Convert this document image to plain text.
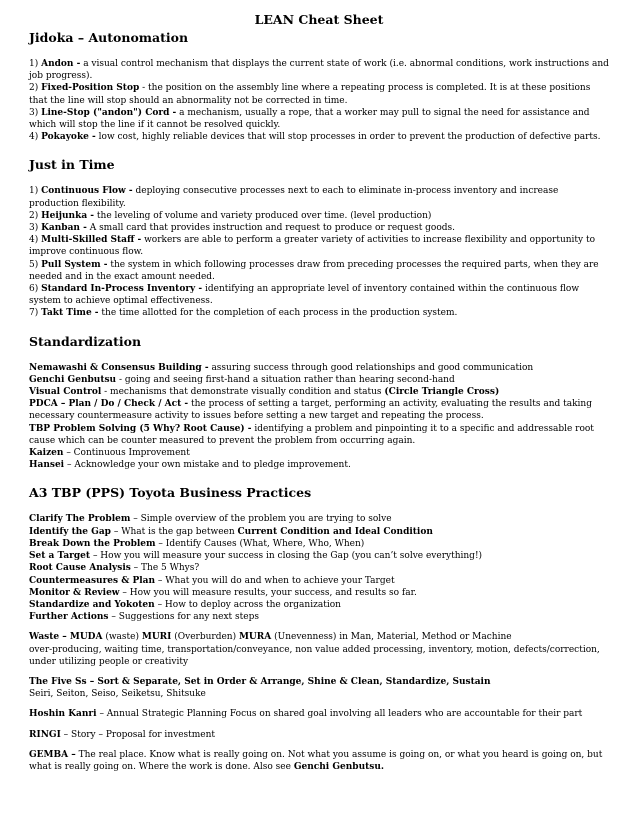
LEAN Cheat Sheet
Jidoka – Autonomation

1) Andon - a visual control mechanism that displays the current state of work (i.e. abnormal conditions, work instructions and job progress).

2) Fixed-Position Stop - the position on the assembly line where a repeating process is completed. It is at these positions that the line will stop should an abnormality not be corrected in time.

3) Line-Stop ("andon") Cord - a mechanism, usually a rope, that a worker may pull to signal the need for assistance and which will stop the line if it cannot be resolved quickly.

4) Pokayoke - low cost, highly reliable devices that will stop processes in order to prevent the production of defective parts.

Just in Time

1) Continuous Flow - deploying consecutive processes next to each to eliminate in-process inventory and increase production flexibility.

2) Heijunka - the leveling of volume and variety produced over time. (level production)

3) Kanban - A small card that provides instruction and request to produce or request goods.

4) Multi-Skilled Staff - workers are able to perform a greater variety of activities to increase flexibility and opportunity to improve continuous flow.

5) Pull System - the system in which following processes draw from preceding processes the required parts, when they are needed and in the exact amount needed.

6) Standard In-Process Inventory - identifying an appropriate level of inventory contained within the continuous flow system to achieve optimal effectiveness.

7) Takt Time - the time allotted for the completion of each process in the production system.

Standardization

Nemawashi & Consensus Building - assuring success through good relationships and good communication

Genchi Genbutsu - going and seeing first-hand a situation rather than hearing second-hand

Visual Control - mechanisms that demonstrate visually condition and status (Circle Triangle Cross)

PDCA – Plan / Do / Check / Act - the process of setting a target, performing an activity, evaluating the results and taking necessary countermeasure activity to issues before setting a new target and repeating the process.

TBP Problem Solving (5 Why? Root Cause) - identifying a problem and pinpointing it to a specific and addressable root cause which can be counter measured to prevent the problem from occurring again.

Kaizen – Continuous Improvement

Hansei – Acknowledge your own mistake and to pledge improvement.

A3 TBP (PPS) Toyota Business Practices

Clarify The Problem – Simple overview of the problem you are trying to solve

Identify the Gap – What is the gap between Current Condition and Ideal Condition

Break Down the Problem – Identify Causes (What, Where, Who, When)

Set a Target – How you will measure your success in closing the Gap (you can’t solve everything!)

Root Cause Analysis – The 5 Whys?

Countermeasures & Plan – What you will do and when to achieve your Target

Monitor & Review – How you will measure results, your success, and results so far.

Standardize and Yokoten – How to deploy across the organization

Further Actions – Suggestions for any next steps

Waste – MUDA (waste) MURI (Overburden) MURA (Unevenness) in Man, Material, Method or Machine

over-producing, waiting time, transportation/conveyance, non value added processing, inventory, motion, defects/correction, under utilizing people or creativity

The Five Ss – Sort & Separate, Set in Order & Arrange, Shine & Clean, Standardize, Sustain

Seiri, Seiton, Seiso, Seiketsu, Shitsuke

Hoshin Kanri – Annual Strategic Planning Focus on shared goal involving all leaders who are accountable for their part

RINGI – Story – Proposal for investment

GEMBA – The real place. Know what is really going on. Not what you assume is going on, or what you heard is going on, but what is really going on. Where the work is done. Also see Genchi Genbutsu.
